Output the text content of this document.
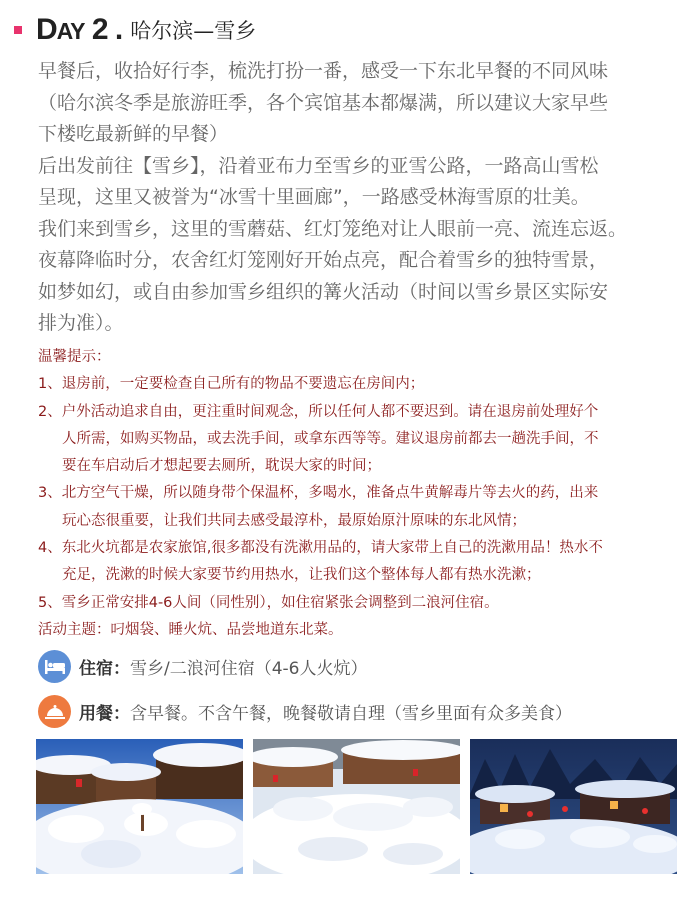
DAY 2 . 哈尔滨—雪乡

早餐后，收拾好行李，梳洗打扮一番，感受一下东北早餐的不同风味

（哈尔滨冬季是旅游旺季，各个宾馆基本都爆满，所以建议大家早些

下楼吃最新鲜的早餐）

后出发前往【雪乡】，沿着亚布力至雪乡的亚雪公路，一路高山雪松

呈现，这里又被誉为“冰雪十里画廊”，一路感受林海雪原的壮美。

我们来到雪乡，这里的雪蘑菇、红灯笼绝对让人眼前一亮、流连忘返。

夜幕降临时分，农舍红灯笼刚好开始点亮，配合着雪乡的独特雪景，

如梦如幻，或自由参加雪乡组织的篝火活动（时间以雪乡景区实际安

排为准）。

温馨提示：

1、退房前，一定要检查自己所有的物品不要遗忘在房间内；

2、户外活动追求自由，更注重时间观念，所以任何人都不要迟到。请在退房前处理好个

人所需，如购买物品，或去洗手间，或拿东西等等。建议退房前都去一趟洗手间，不

要在车启动后才想起要去厕所，耽误大家的时间；

3、北方空气干燥，所以随身带个保温杯，多喝水，准备点牛黄解毒片等去火的药，出来

玩心态很重要，让我们共同去感受最淳朴，最原始原汁原味的东北风情；

4、东北火坑都是农家旅馆,很多都没有洗漱用品的，请大家带上自己的洗漱用品！热水不

充足，洗漱的时候大家要节约用热水，让我们这个整体每人都有热水洗漱；

5、雪乡正常安排4-6人间（同性别），如住宿紧张会调整到二浪河住宿。

活动主题：叼烟袋、睡火炕、品尝地道东北菜。

住宿： 雪乡/二浪河住宿（4-6人火炕）
用餐： 含早餐。不含午餐，晚餐敬请自理（雪乡里面有众多美食）
